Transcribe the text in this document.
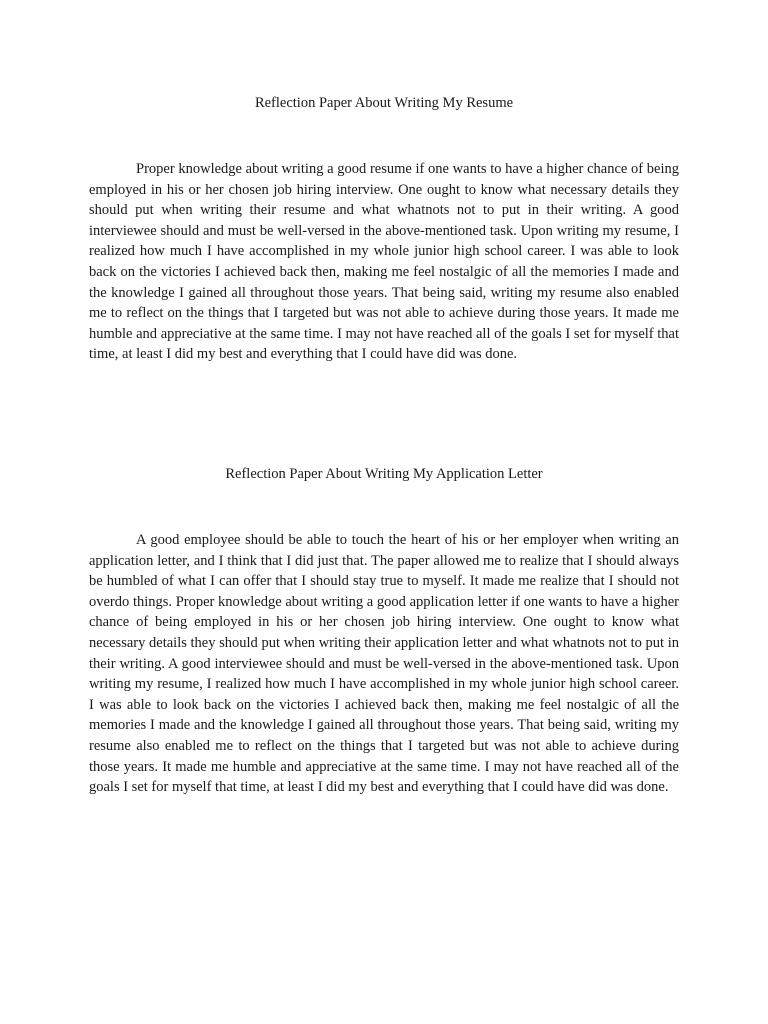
Reflection Paper About Writing My Resume

Proper knowledge about writing a good resume if one wants to have a higher chance of being employed in his or her chosen job hiring interview. One ought to know what necessary details they should put when writing their resume and what whatnots not to put in their writing. A good interviewee should and must be well-versed in the above-mentioned task. Upon writing my resume, I realized how much I have accomplished in my whole junior high school career. I was able to look back on the victories I achieved back then, making me feel nostalgic of all the memories I made and the knowledge I gained all throughout those years. That being said, writing my resume also enabled me to reflect on the things that I targeted but was not able to achieve during those years. It made me humble and appreciative at the same time. I may not have reached all of the goals I set for myself that time, at least I did my best and everything that I could have did was done.

Reflection Paper About Writing My Application Letter

A good employee should be able to touch the heart of his or her employer when writing an application letter, and I think that I did just that. The paper allowed me to realize that I should always be humbled of what I can offer that I should stay true to myself. It made me realize that I should not overdo things. Proper knowledge about writing a good application letter if one wants to have a higher chance of being employed in his or her chosen job hiring interview. One ought to know what necessary details they should put when writing their application letter and what whatnots not to put in their writing. A good interviewee should and must be well-versed in the above-mentioned task. Upon writing my resume, I realized how much I have accomplished in my whole junior high school career. I was able to look back on the victories I achieved back then, making me feel nostalgic of all the memories I made and the knowledge I gained all throughout those years. That being said, writing my resume also enabled me to reflect on the things that I targeted but was not able to achieve during those years. It made me humble and appreciative at the same time. I may not have reached all of the goals I set for myself that time, at least I did my best and everything that I could have did was done.
